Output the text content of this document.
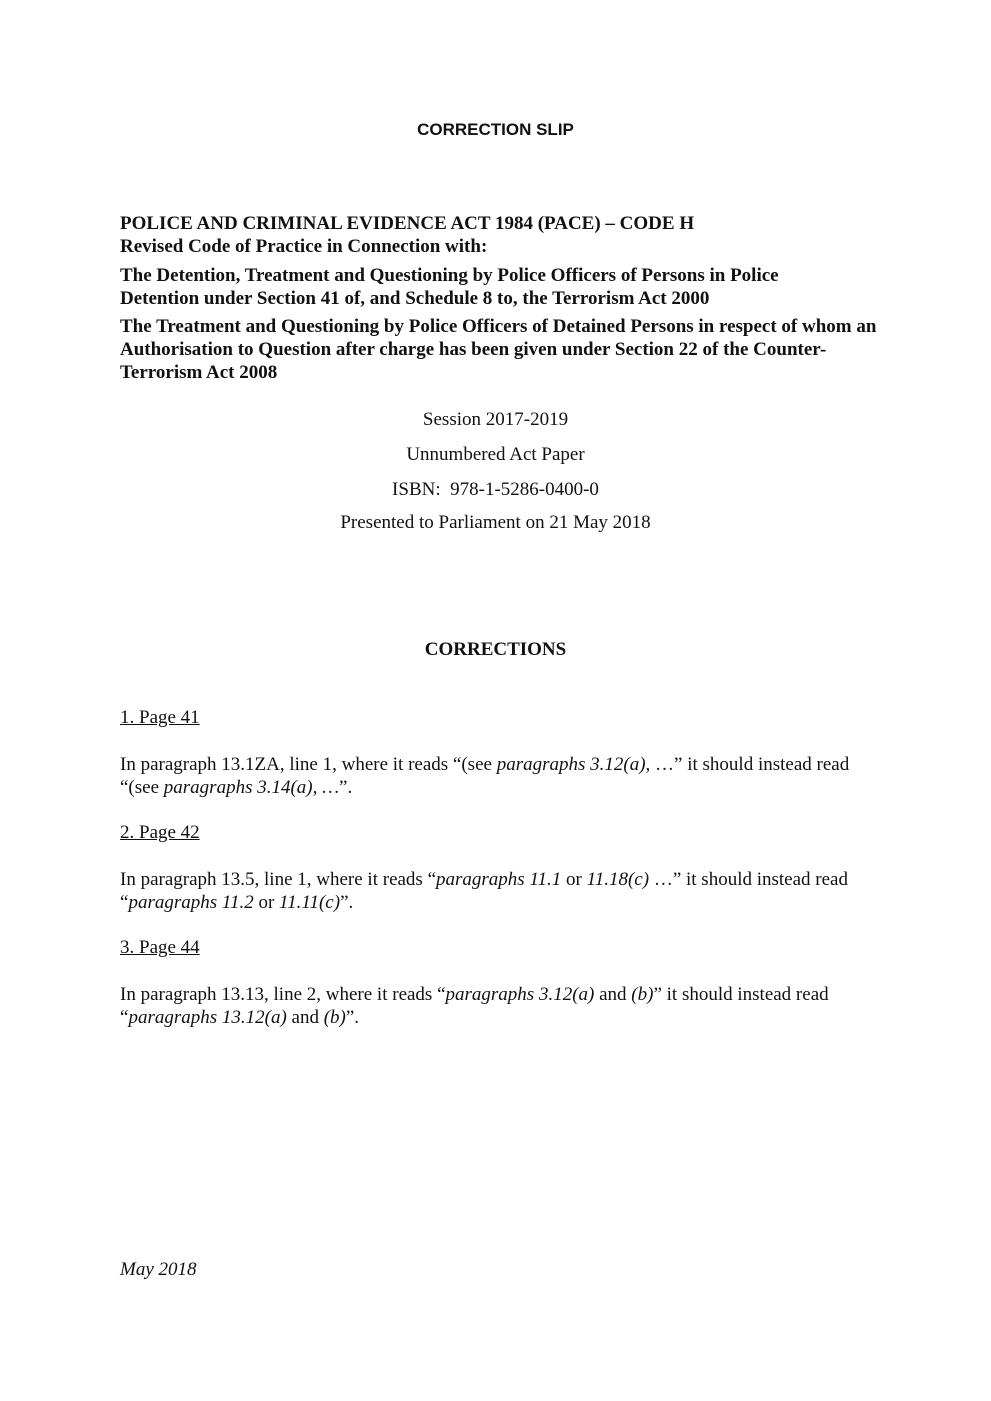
CORRECTION SLIP
POLICE AND CRIMINAL EVIDENCE ACT 1984 (PACE) – CODE H
Revised Code of Practice in Connection with:
The Detention, Treatment and Questioning by Police Officers of Persons in Police Detention under Section 41 of, and Schedule 8 to, the Terrorism Act 2000
The Treatment and Questioning by Police Officers of Detained Persons in respect of whom an Authorisation to Question after charge has been given under Section 22 of the Counter-Terrorism Act 2008
Session 2017-2019
Unnumbered Act Paper
ISBN:  978-1-5286-0400-0
Presented to Parliament on 21 May 2018
CORRECTIONS
1. Page 41
In paragraph 13.1ZA, line 1, where it reads “(see paragraphs 3.12(a), …” it should instead read “(see paragraphs 3.14(a), …”.
2. Page 42
In paragraph 13.5, line 1, where it reads “paragraphs 11.1 or 11.18(c) …” it should instead read “paragraphs 11.2 or 11.11(c)”.
3. Page 44
In paragraph 13.13, line 2, where it reads “paragraphs 3.12(a) and (b)” it should instead read “paragraphs 13.12(a) and (b)”.
May 2018
